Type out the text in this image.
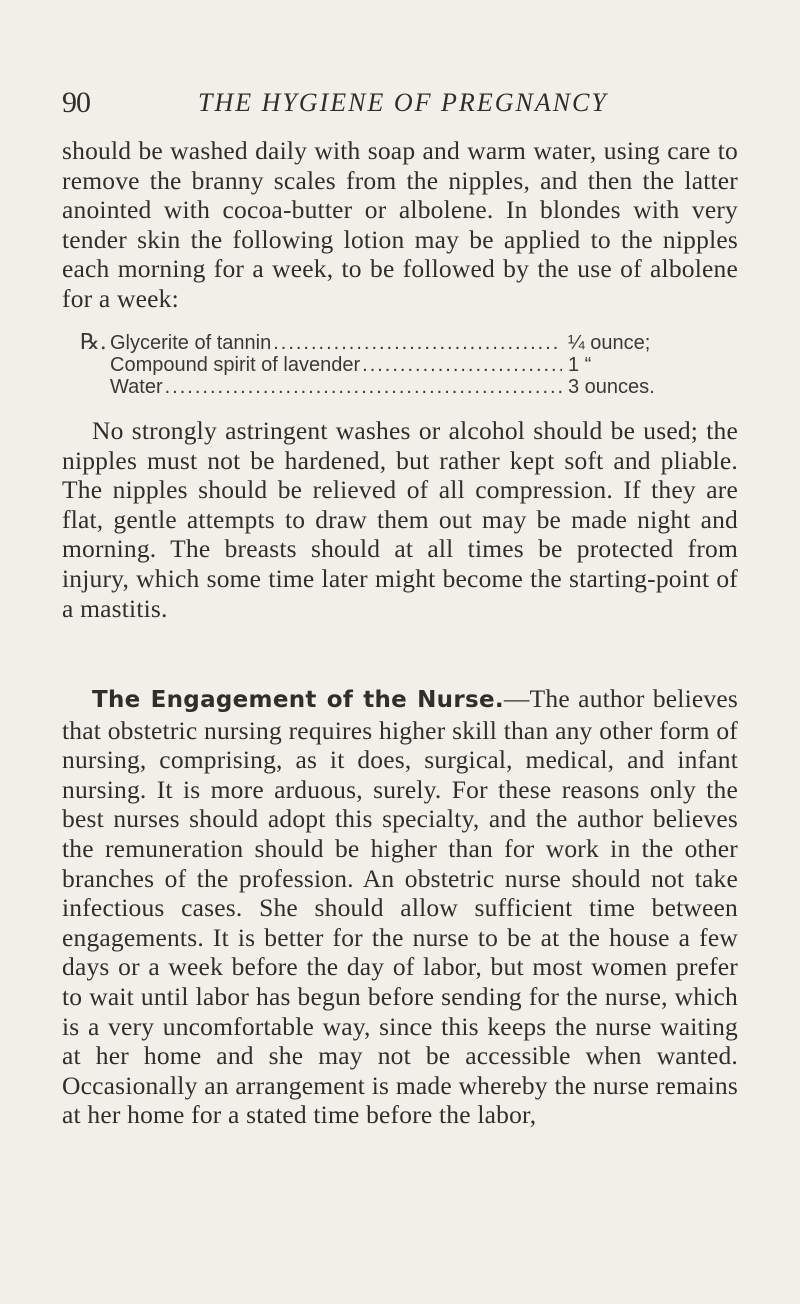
90	THE HYGIENE OF PREGNANCY

should be washed daily with soap and warm water, using care to remove the branny scales from the nipples, and then the latter anointed with cocoa-butter or albolene. In blondes with very tender skin the following lotion may be applied to the nipples each morning for a week, to be followed by the use of albolene for a week:

℞. Glycerite of tannin .....	¼ ounce;
Compound spirit of lavender .....	1 “
Water .....	3 ounces.

No strongly astringent washes or alcohol should be used; the nipples must not be hardened, but rather kept soft and pliable. The nipples should be relieved of all compression. If they are flat, gentle attempts to draw them out may be made night and morning. The breasts should at all times be protected from injury, which some time later might become the starting-point of a mastitis.

The Engagement of the Nurse.—The author believes that obstetric nursing requires higher skill than any other form of nursing, comprising, as it does, surgical, medical, and infant nursing. It is more arduous, surely. For these reasons only the best nurses should adopt this specialty, and the author believes the remuneration should be higher than for work in the other branches of the profession. An obstetric nurse should not take infectious cases. She should allow sufficient time between engagements. It is better for the nurse to be at the house a few days or a week before the day of labor, but most women prefer to wait until labor has begun before sending for the nurse, which is a very uncomfortable way, since this keeps the nurse waiting at her home and she may not be accessible when wanted. Occasionally an arrangement is made whereby the nurse remains at her home for a stated time before the labor,
